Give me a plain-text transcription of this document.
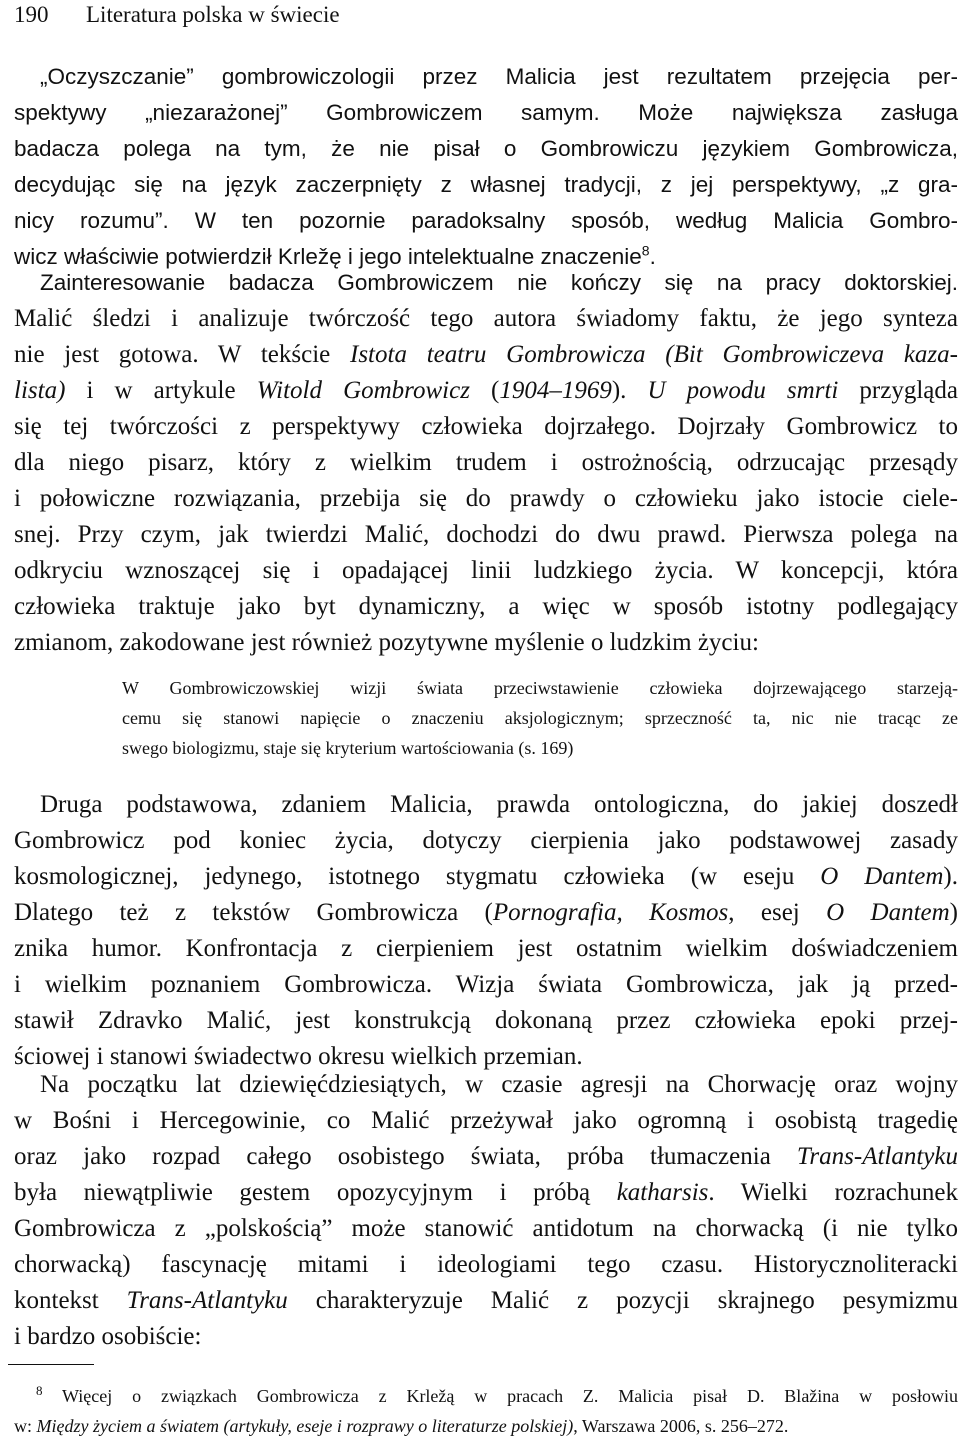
190 Literatura polska w świecie
„Oczyszczanie” gombrowiczologii przez Malicia jest rezultatem przejęcia per-
spektywy „niezarażonej” Gombrowiczem samym. Może największa zasługa
badacza polega na tym, że nie pisał o Gombrowiczu językiem Gombrowicza,
decydując się na język zaczerpnięty z własnej tradycji, z jej perspektywy, „z gra-
nicy rozumu”. W ten pozornie paradoksalny sposób, według Malicia Gombro-
wicz właściwie potwierdził Krležę i jego intelektualne znaczenie$^8$.
Zainteresowanie badacza Gombrowiczem nie kończy się na pracy doktorskiej.
Malić śledzi i analizuje twórczość tego autora świadomy faktu, że jego synteza
nie jest gotowa. W tekście Istota teatru Gombrowicza (Bit Gombrowiczeva kaza-
lista) i w artykule Witold Gombrowicz (1904–1969). U powodu smrti przygląda
się tej twórczości z perspektywy człowieka dojrzałego. Dojrzały Gombrowicz to
dla niego pisarz, który z wielkim trudem i ostrożnością, odrzucając przesądy
i połowiczne rozwiązania, przebija się do prawdy o człowieku jako istocie ciele-
snej. Przy czym, jak twierdzi Malić, dochodzi do dwu prawd. Pierwsza polega na
odkryciu wznoszącej się i opadającej linii ludzkiego życia. W koncepcji, która
człowieka traktuje jako byt dynamiczny, a więc w sposób istotny podlegający
zmianom, zakodowane jest również pozytywne myślenie o ludzkim życiu:
W Gombrowiczowskiej wizji świata przeciwstawienie człowieka dojrzewającego starzeją-
cemu się stanowi napięcie o znaczeniu aksjologicznym; sprzeczność ta, nic nie tracąc ze
swego biologizmu, staje się kryterium wartościowania (s. 169)
Druga podstawowa, zdaniem Malicia, prawda ontologiczna, do jakiej doszedł
Gombrowicz pod koniec życia, dotyczy cierpienia jako podstawowej zasady
kosmologicznej, jedynego, istotnego stygmatu człowieka (w eseju O Dantem).
Dlatego też z tekstów Gombrowicza (Pornografia, Kosmos, esej O Dantem)
znika humor. Konfrontacja z cierpieniem jest ostatnim wielkim doświadczeniem
i wielkim poznaniem Gombrowicza. Wizja świata Gombrowicza, jak ją przed-
stawił Zdravko Malić, jest konstrukcją dokonaną przez człowieka epoki przej-
ściowej i stanowi świadectwo okresu wielkich przemian.
Na początku lat dziewięćdziesiątych, w czasie agresji na Chorwację oraz wojny
w Bośni i Hercegowinie, co Malić przeżywał jako ogromną i osobistą tragedię
oraz jako rozpad całego osobistego świata, próba tłumaczenia Trans-Atlantyku
była niewątpliwie gestem opozycyjnym i próbą katharsis. Wielki rozrachunek
Gombrowicza z „polskością” może stanowić antidotum na chorwacką (i nie tylko
chorwacką) fascynację mitami i ideologiami tego czasu. Historycznoliteracki
kontekst Trans-Atlantyku charakteryzuje Malić z pozycji skrajnego pesymizmu
i bardzo osobiście:
$^8$ Więcej o związkach Gombrowicza z Krležą w pracach Z. Malicia pisał D. Blažina w posłowiu
w: Między życiem a światem (artykuły, eseje i rozprawy o literaturze polskiej), Warszawa 2006, s. 256–272.
